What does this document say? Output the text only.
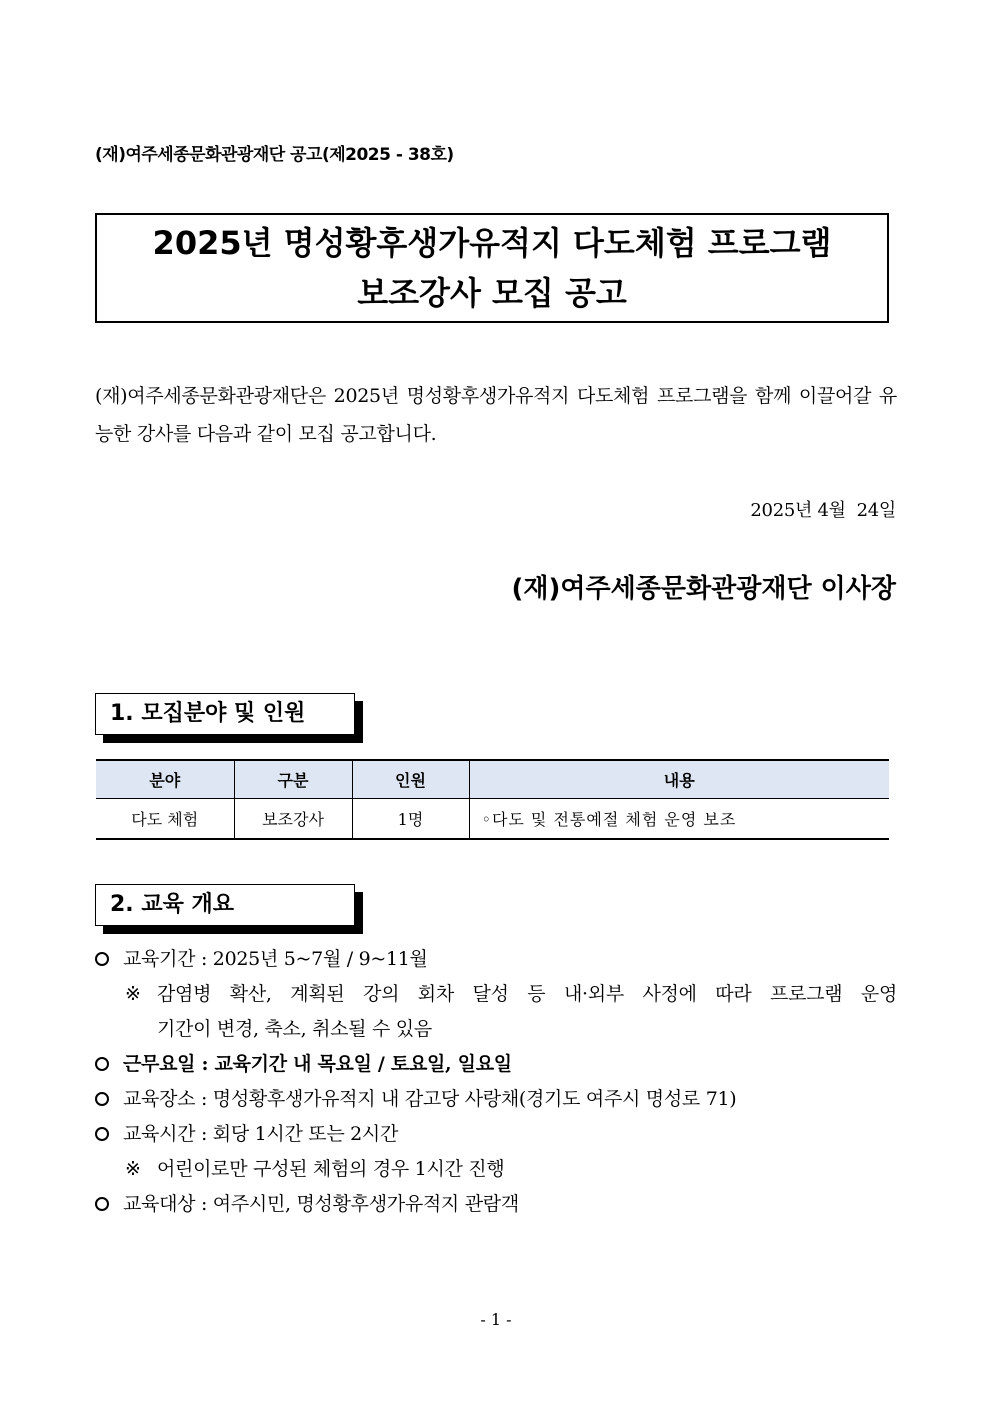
(재)여주세종문화관광재단 공고(제2025 - 38호)
2025년 명성황후생가유적지 다도체험 프로그램
보조강사 모집 공고
(재)여주세종문화관광재단은 2025년 명성황후생가유적지 다도체험 프로그램을 함께 이끌어갈 유능한 강사를 다음과 같이 모집 공고합니다.
2025년 4월  24일
(재)여주세종문화관광재단 이사장
1. 모집분야 및 인원
분야	구분	인원	내용
다도 체험	보조강사	1명	◦다도 및 전통예절 체험 운영 보조
2. 교육 개요
교육기간 : 2025년 5~7월 / 9~11월
※ 감염병 확산, 계획된 강의 회차 달성 등 내·외부 사정에 따라 프로그램 운영
기간이 변경, 축소, 취소될 수 있음
근무요일 : 교육기간 내 목요일 / 토요일, 일요일
교육장소 : 명성황후생가유적지 내 감고당 사랑채(경기도 여주시 명성로 71)
교육시간 : 회당 1시간 또는 2시간
※ 어린이로만 구성된 체험의 경우 1시간 진행
교육대상 : 여주시민, 명성황후생가유적지 관람객
- 1 -
